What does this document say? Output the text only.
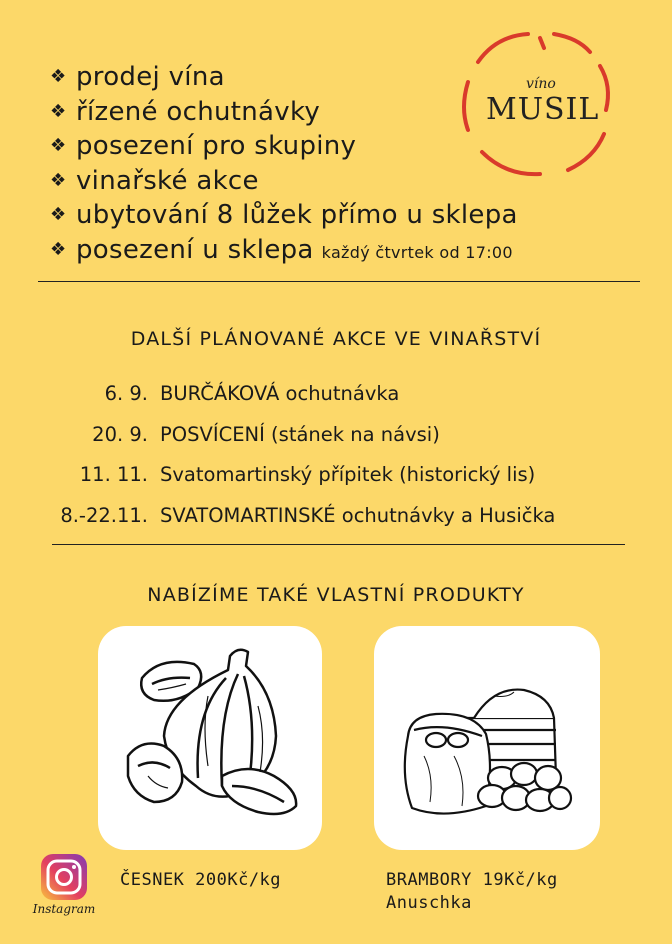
víno
MUSIL
❖ prodej vína
❖ řízené ochutnávky
❖ posezení pro skupiny
❖ vinařské akce
❖ ubytování 8 lůžek přímo u sklepa
❖ posezení u sklepa každý čtvrtek od 17:00
DALŠÍ PLÁNOVANÉ AKCE VE VINAŘSTVÍ
6. 9. BURČÁKOVÁ ochutnávka
20. 9. POSVÍCENÍ (stánek na návsi)
11. 11. Svatomartinský přípitek (historický lis)
8.-22.11. SVATOMARTINSKÉ ochutnávky a Husička
NABÍZÍME TAKÉ VLASTNÍ PRODUKTY
ČESNEK 200Kč/kg	BRAMBORY 19Kč/kg
Anuschka
Instagram
